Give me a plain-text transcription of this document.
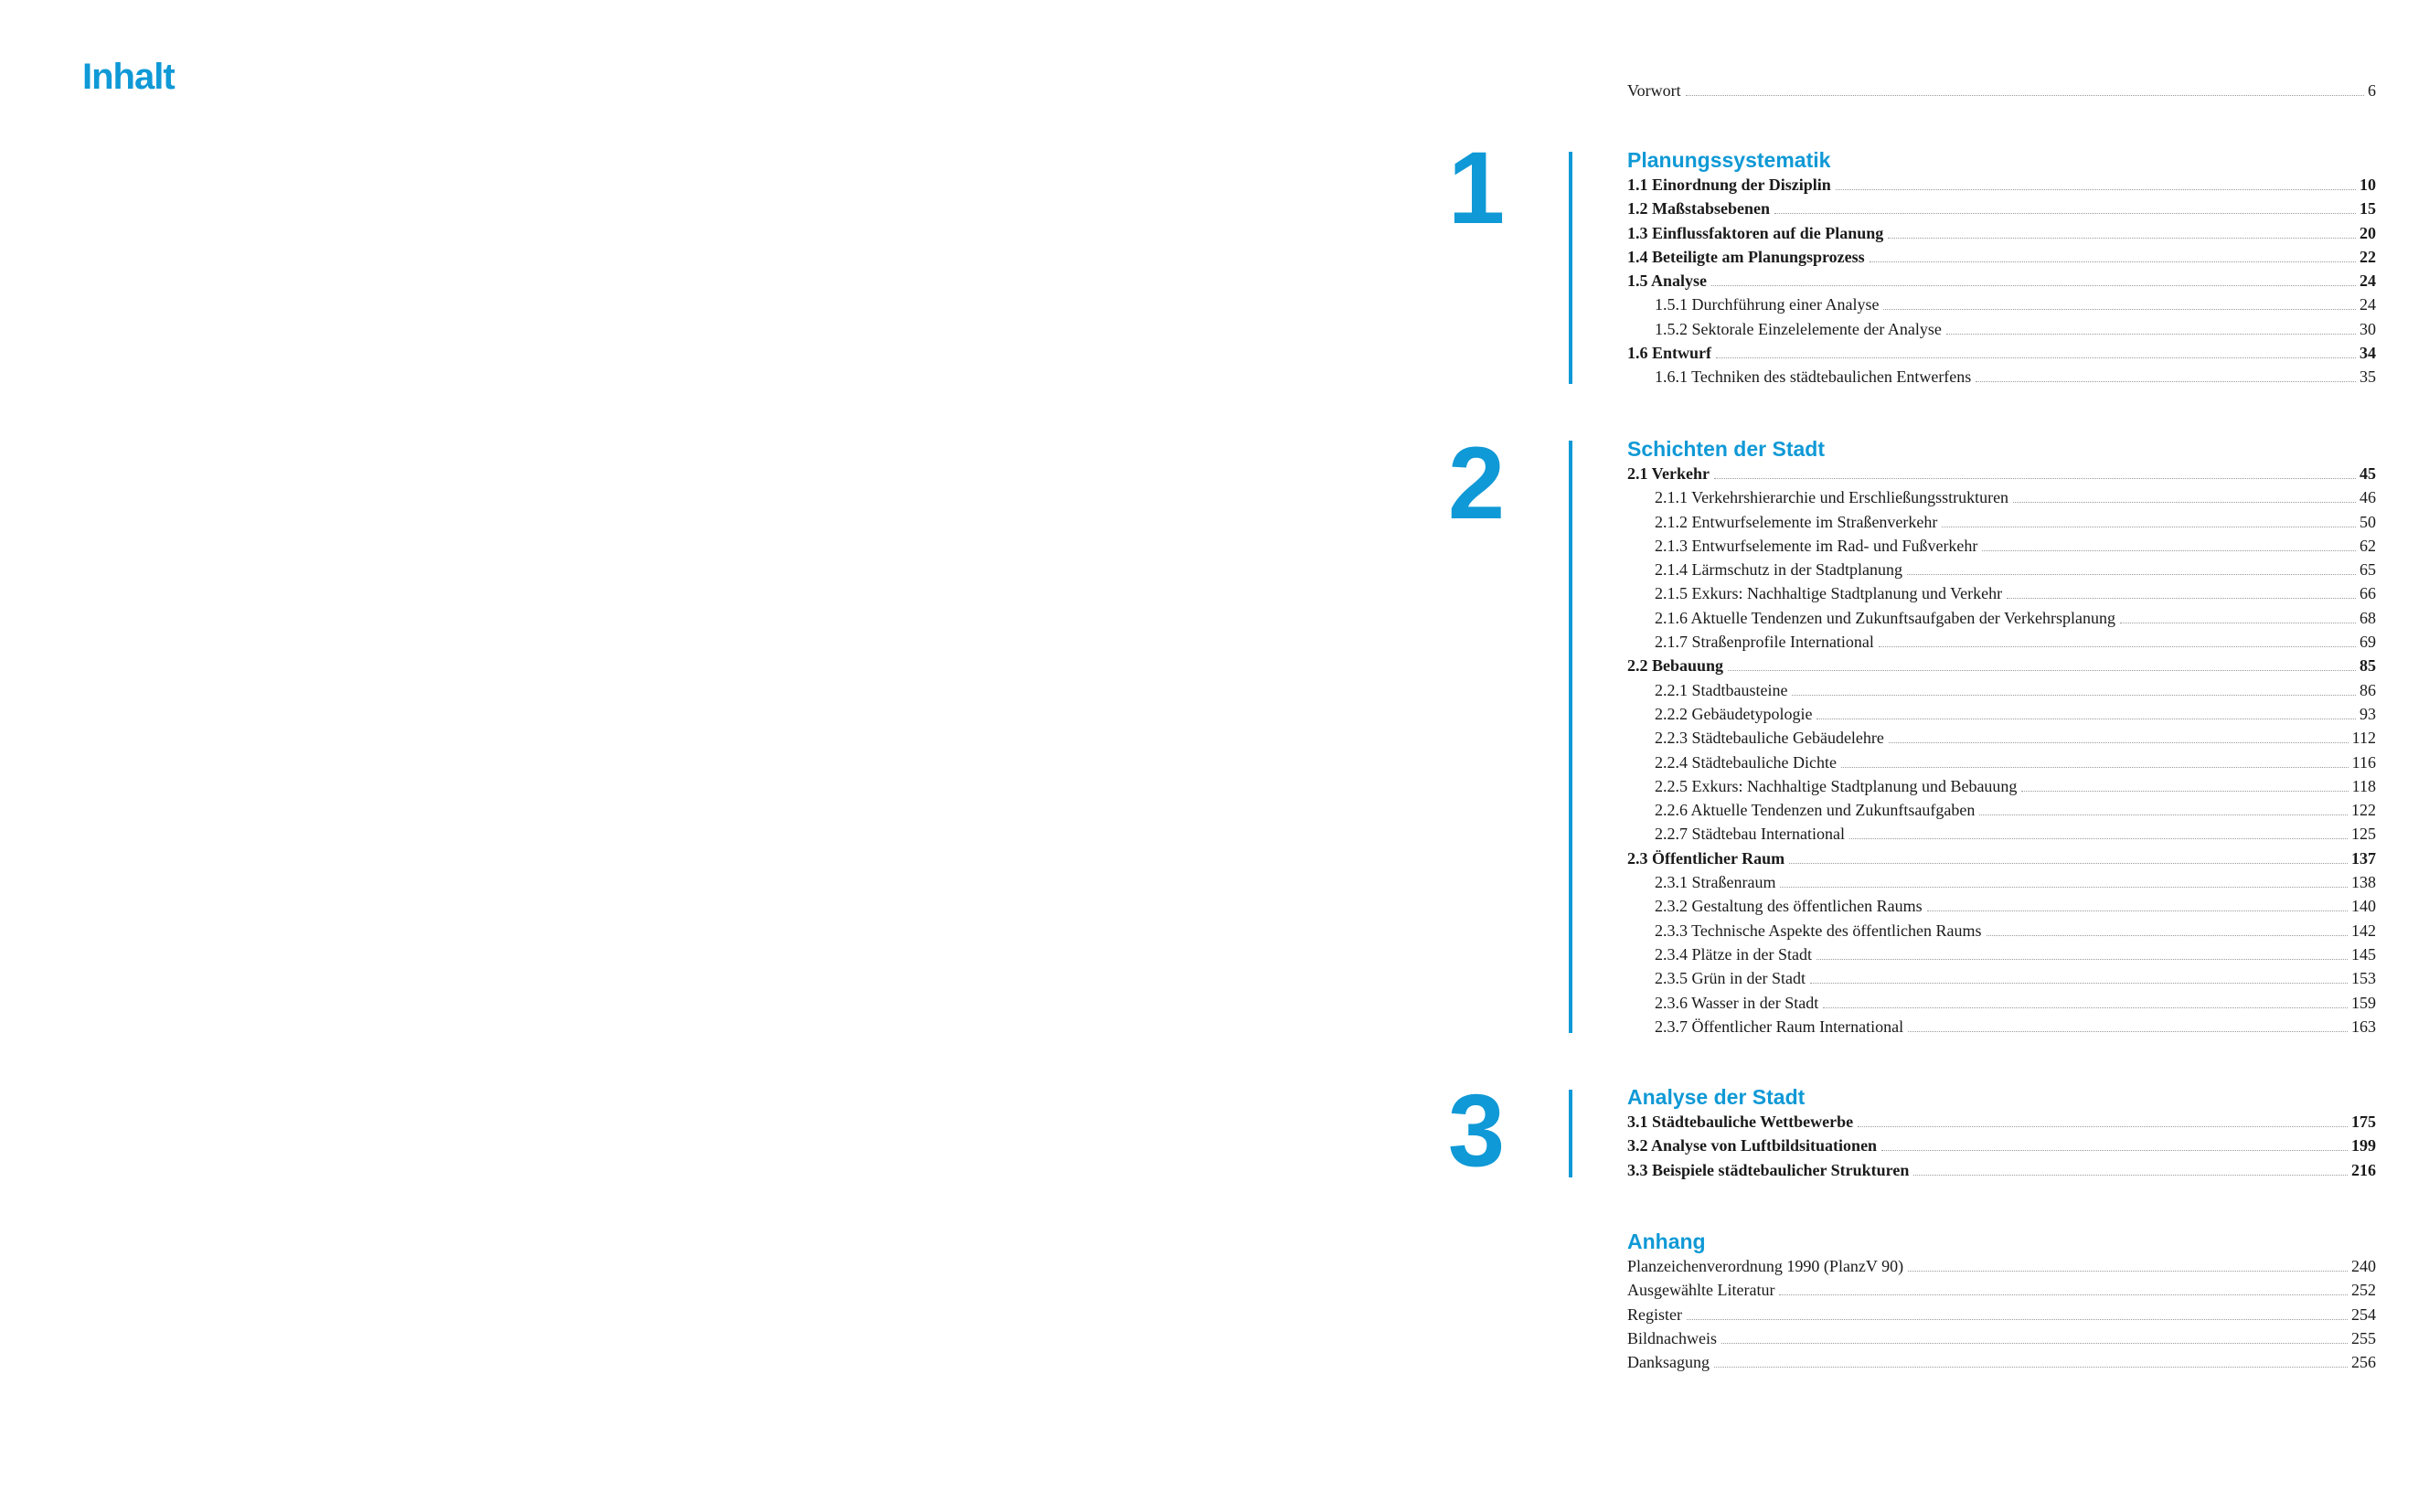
Inhalt	Vorwort	6
1	Planungssystematik
1.1 Einordnung der Disziplin	10
1.2 Maßstabsebenen	15
1.3 Einflussfaktoren auf die Planung	20
1.4 Beteiligte am Planungsprozess	22
1.5 Analyse	24
1.5.1 Durchführung einer Analyse	24
1.5.2 Sektorale Einzelelemente der Analyse	30
1.6 Entwurf	34
1.6.1 Techniken des städtebaulichen Entwerfens	35
2	Schichten der Stadt
2.1 Verkehr	45
2.1.1 Verkehrshierarchie und Erschließungsstrukturen	46
2.1.2 Entwurfselemente im Straßenverkehr	50
2.1.3 Entwurfselemente im Rad- und Fußverkehr	62
2.1.4 Lärmschutz in der Stadtplanung	65
2.1.5 Exkurs: Nachhaltige Stadtplanung und Verkehr	66
2.1.6 Aktuelle Tendenzen und Zukunftsaufgaben der Verkehrsplanung	68
2.1.7 Straßenprofile International	69
2.2 Bebauung	85
2.2.1 Stadtbausteine	86
2.2.2 Gebäudetypologie	93
2.2.3 Städtebauliche Gebäudelehre	112
2.2.4 Städtebauliche Dichte	116
2.2.5 Exkurs: Nachhaltige Stadtplanung und Bebauung	118
2.2.6 Aktuelle Tendenzen und Zukunftsaufgaben	122
2.2.7 Städtebau International	125
2.3 Öffentlicher Raum	137
2.3.1 Straßenraum	138
2.3.2 Gestaltung des öffentlichen Raums	140
2.3.3 Technische Aspekte des öffentlichen Raums	142
2.3.4 Plätze in der Stadt	145
2.3.5 Grün in der Stadt	153
2.3.6 Wasser in der Stadt	159
2.3.7 Öffentlicher Raum International	163
3	Analyse der Stadt
3.1 Städtebauliche Wettbewerbe	175
3.2 Analyse von Luftbildsituationen	199
3.3 Beispiele städtebaulicher Strukturen	216
Anhang
Planzeichenverordnung 1990 (PlanzV 90)	240
Ausgewählte Literatur	252
Register	254
Bildnachweis	255
Danksagung	256
